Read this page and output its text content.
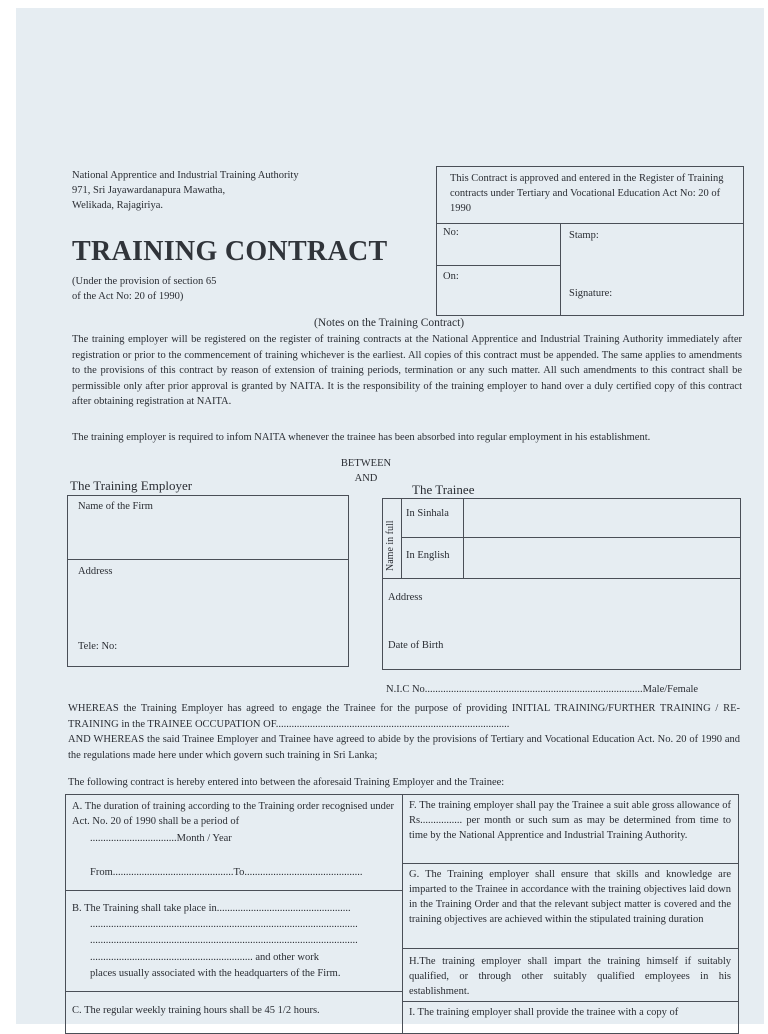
National Apprentice and Industrial Training Authority
971, Sri Jayawardanapura Mawatha,
Welikada, Rajagiriya.
TRAINING CONTRACT
(Under the provision of section 65
of the Act No: 20 of 1990)
This Contract is approved and entered in the Register of Training contracts under Tertiary and Vocational Education Act No: 20 of 1990
No:	Stamp:
On:
Signature:
(Notes on the Training Contract)
The training employer will be registered on the register of training contracts at the National Apprentice and Industrial Training Authority immediately after registration or prior to the commencement of training whichever is the earliest. All copies of this contract must be appended. The same applies to amendments to the provisions of this contract by reason of extension of training periods, termination or any such matter. All such amendments to this contract shall be permissible only after prior approval is granted by NAITA. It is the responsibility of the training employer to hand over a duly certified copy of this contract after obtaining registration at NAITA.
The training employer is required to infom NAITA whenever the trainee has been absorbed into regular employment in his establishment.
BETWEEN
AND
The Training Employer
Name of the Firm
Address
Tele: No:
The Trainee
Name in full
In Sinhala
In English
Address
Date of Birth
N.I.C No...................................................................................Male/Female
WHEREAS the Training Employer has agreed to engage the Trainee for the purpose of providing INITIAL TRAINING/FURTHER TRAINING / RE-TRAINING in the TRAINEE OCCUPATION OF.........................................................................................
AND WHEREAS the said Trainee Employer and Trainee have agreed to abide by the provisions of Tertiary and Vocational Education Act. No. 20 of 1990 and the regulations made here under which govern such training in Sri Lanka;
The following contract is hereby entered into between the aforesaid Training Employer and the Trainee:
A. The duration of training according to the Training order recognised under Act. No. 20 of 1990 shall be a period of
.................................Month / Year
From..............................................To.............................................
B. The Training shall take place in...................................................
......................................................................................................
......................................................................................................
.............................................................. and other work
places usually associated with the headquarters of the Firm.
C. The regular weekly training hours shall be 45 1/2 hours.
F. The training employer shall pay the Trainee a suit able gross allowance of Rs................ per month or such sum as may be determined from time to time by the National Apprentice and Industrial Training Authority.
G. The Training employer shall ensure that skills and knowledge are imparted to the Trainee in accordance with the training objectives laid down in the Training Order and that the relevant subject matter is covered and the training objectives are achieved within the stipulated training duration
H.The training employer shall impart the training himself if suitably qualified, or through other suitably qualified employees in his establishment.
I. The training employer shall provide the trainee with a copy of
